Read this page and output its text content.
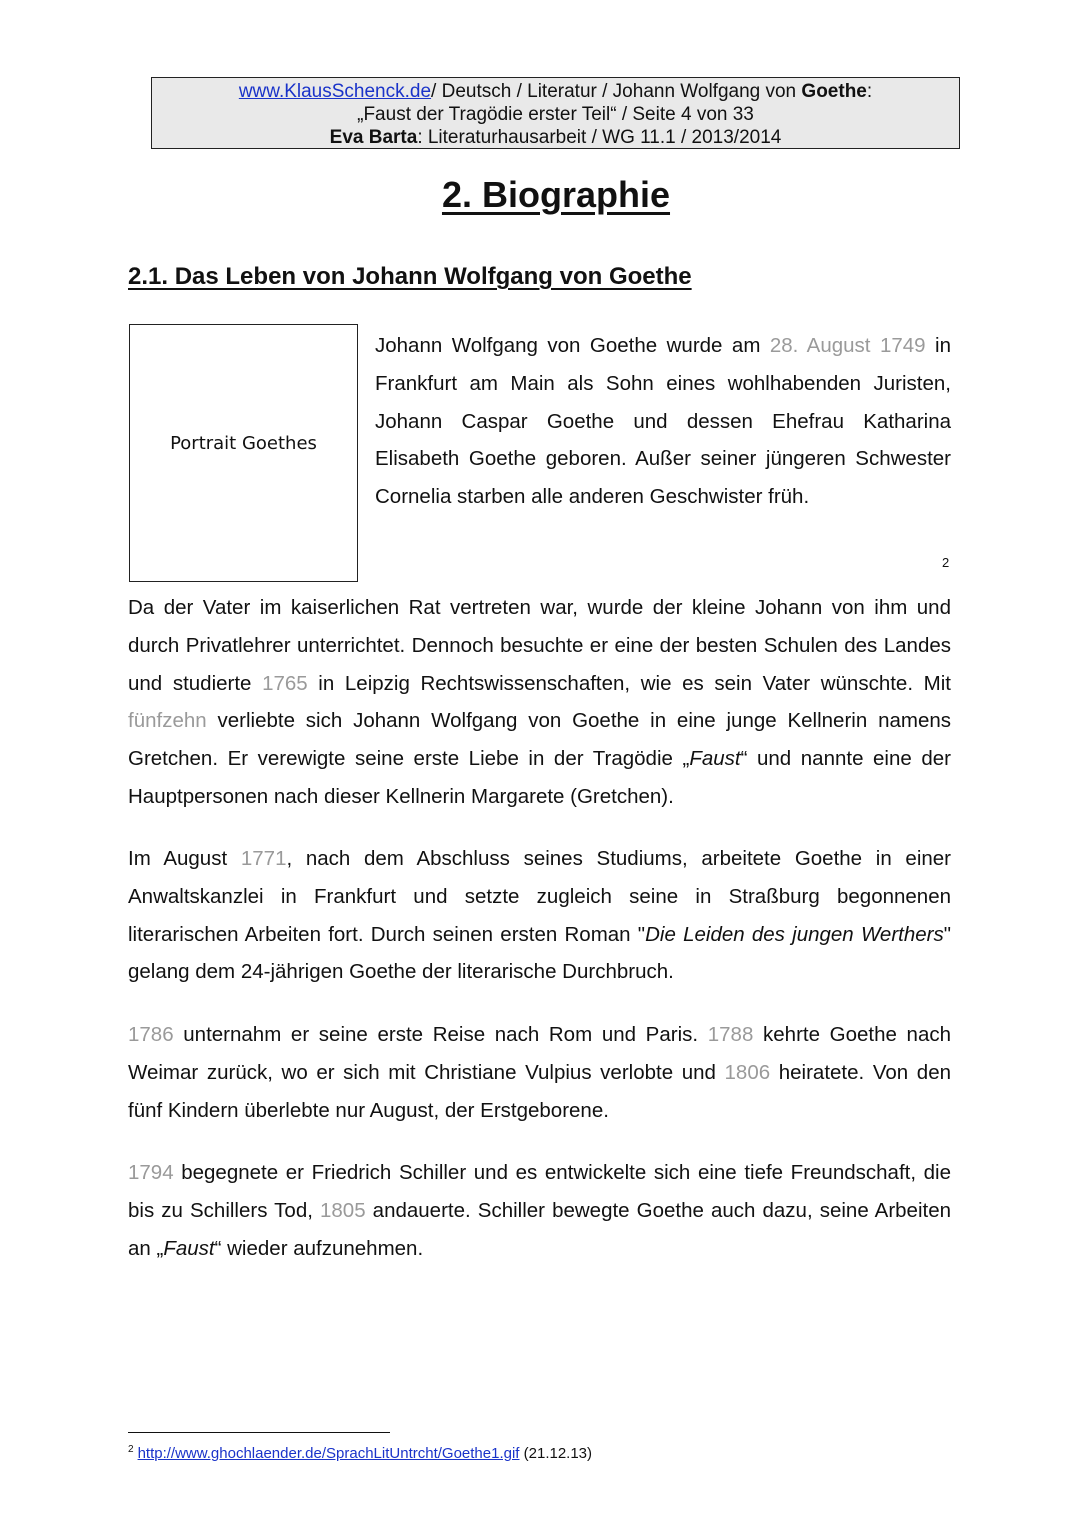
www.KlausSchenck.de/ Deutsch / Literatur / Johann Wolfgang von Goethe:
„Faust der Tragödie erster Teil“ / Seite 4 von 33
Eva Barta: Literaturhausarbeit / WG 11.1 / 2013/2014
2. Biographie
2.1. Das Leben von Johann Wolfgang von Goethe
Portrait Goethes

Johann Wolfgang von Goethe wurde am 28. August 1749 in Frankfurt am Main als Sohn eines wohlhabenden Juristen, Johann Caspar Goethe und dessen Ehefrau Katharina Elisabeth Goethe geboren. Außer seiner jüngeren Schwester Cornelia starben alle anderen Geschwister früh.

2

Da der Vater im kaiserlichen Rat vertreten war, wurde der kleine Johann von ihm und durch Privatlehrer unterrichtet. Dennoch besuchte er eine der besten Schulen des Landes und studierte 1765 in Leipzig Rechtswissenschaften, wie es sein Vater wünschte. Mit fünfzehn verliebte sich Johann Wolfgang von Goethe in eine junge Kellnerin namens Gretchen. Er verewigte seine erste Liebe in der Tragödie „Faust“ und nannte eine der Hauptpersonen nach dieser Kellnerin Margarete (Gretchen).

Im August 1771, nach dem Abschluss seines Studiums, arbeitete Goethe in einer Anwaltskanzlei in Frankfurt und setzte zugleich seine in Straßburg begonnenen literarischen Arbeiten fort. Durch seinen ersten Roman "Die Leiden des jungen Werthers" gelang dem 24-jährigen Goethe der literarische Durchbruch.

1786 unternahm er seine erste Reise nach Rom und Paris. 1788 kehrte Goethe nach Weimar zurück, wo er sich mit Christiane Vulpius verlobte und 1806 heiratete. Von den fünf Kindern überlebte nur August, der Erstgeborene.

1794 begegnete er Friedrich Schiller und es entwickelte sich eine tiefe Freundschaft, die bis zu Schillers Tod, 1805 andauerte. Schiller bewegte Goethe auch dazu, seine Arbeiten an „Faust“ wieder aufzunehmen.

$^2$ http://www.ghochlaender.de/SprachLitUntrcht/Goethe1.gif (21.12.13)
